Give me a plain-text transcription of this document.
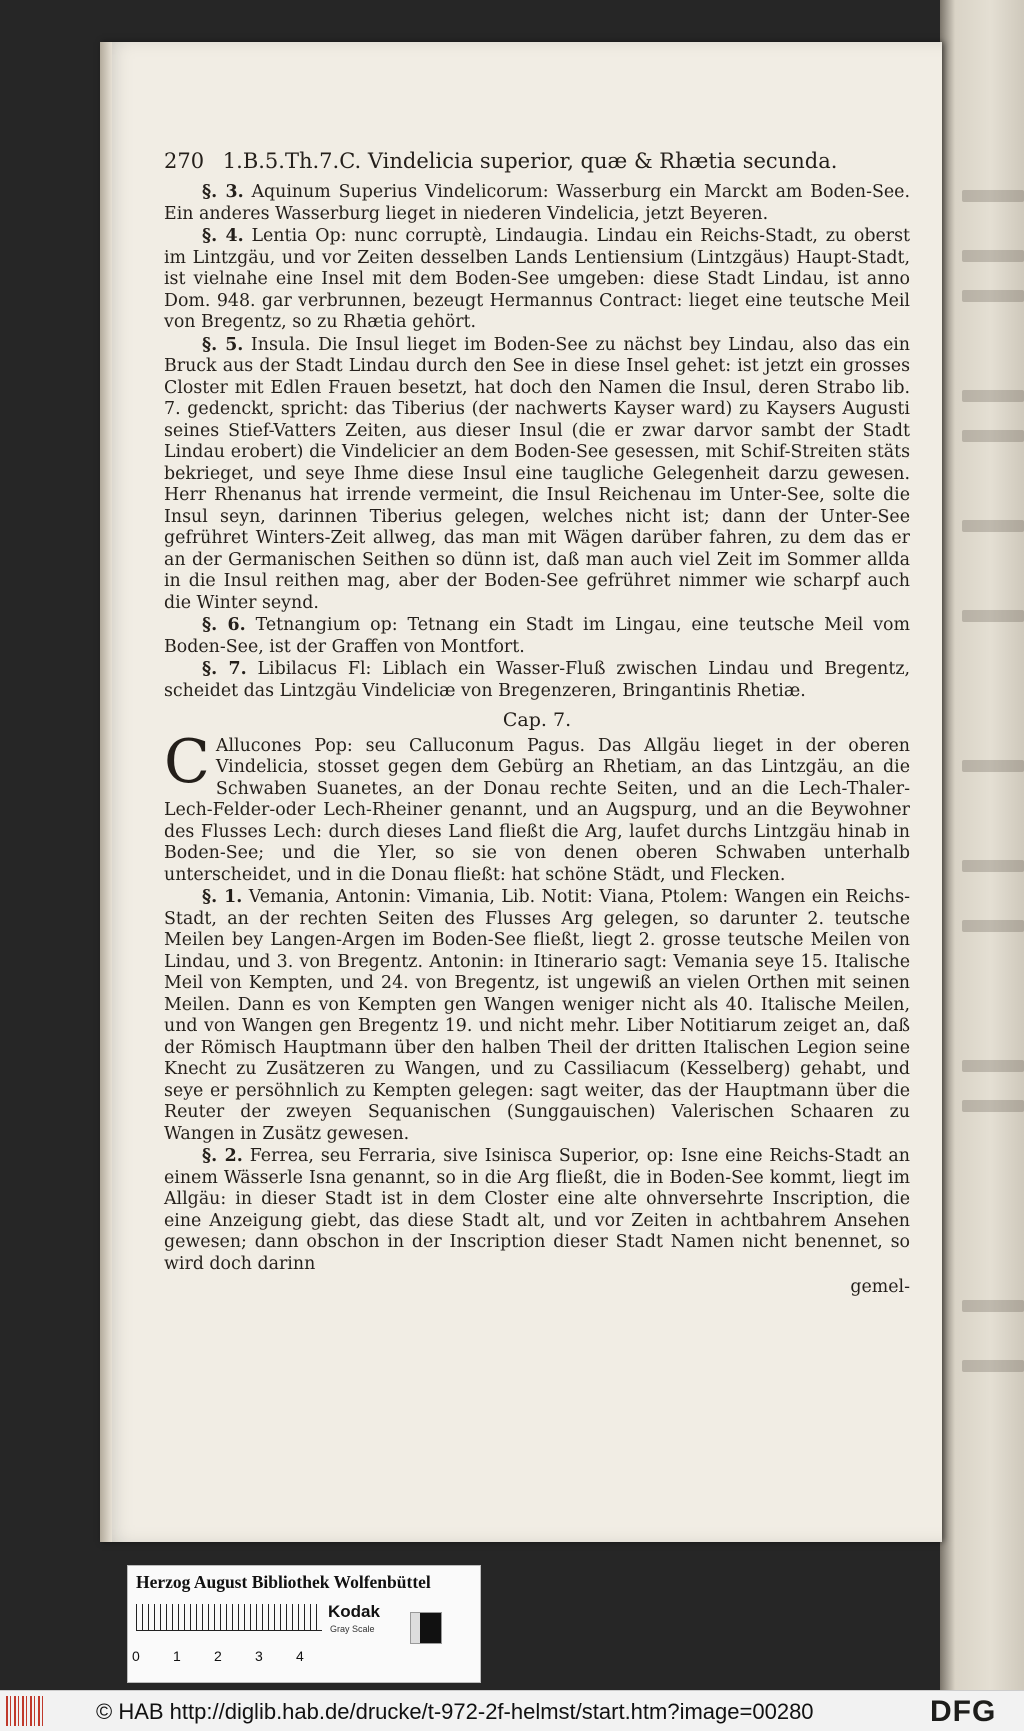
270 1.B.5.Th.7.C. Vindelicia superior, quæ & Rhætia secunda.

§. 3. Aquinum Superius Vindelicorum: Wasserburg ein Marckt am Boden-See. Ein anderes Wasserburg lieget in niederen Vindelicia, jetzt Beyeren.

§. 4. Lentia Op: nunc corruptè, Lindaugia. Lindau ein Reichs-Stadt, zu oberst im Lintzgäu, und vor Zeiten desselben Lands Lentiensium (Lintzgäus) Haupt-Stadt, ist vielnahe eine Insel mit dem Boden-See umgeben: diese Stadt Lindau, ist anno Dom. 948. gar verbrunnen, bezeugt Hermannus Contract: lieget eine teutsche Meil von Bregentz, so zu Rhætia gehört.

§. 5. Insula. Die Insul lieget im Boden-See zu nächst bey Lindau, also das ein Bruck aus der Stadt Lindau durch den See in diese Insel gehet: ist jetzt ein grosses Closter mit Edlen Frauen besetzt, hat doch den Namen die Insul, deren Strabo lib. 7. gedenckt, spricht: das Tiberius (der nachwerts Kayser ward) zu Kaysers Augusti seines Stief-Vatters Zeiten, aus dieser Insul (die er zwar darvor sambt der Stadt Lindau erobert) die Vindelicier an dem Boden-See gesessen, mit Schif-Streiten stäts bekrieget, und seye Ihme diese Insul eine taugliche Gelegenheit darzu gewesen. Herr Rhenanus hat irrende vermeint, die Insul Reichenau im Unter-See, solte die Insul seyn, darinnen Tiberius gelegen, welches nicht ist; dann der Unter-See gefrühret Winters-Zeit allweg, das man mit Wägen darüber fahren, zu dem das er an der Germanischen Seithen so dünn ist, daß man auch viel Zeit im Sommer allda in die Insul reithen mag, aber der Boden-See gefrühret nimmer wie scharpf auch die Winter seynd.

§. 6. Tetnangium op: Tetnang ein Stadt im Lingau, eine teutsche Meil vom Boden-See, ist der Graffen von Montfort.

§. 7. Libilacus Fl: Liblach ein Wasser-Fluß zwischen Lindau und Bregentz, scheidet das Lintzgäu Vindeliciæ von Bregenzeren, Bringantinis Rhetiæ.

Cap. 7.

C Allucones Pop: seu Calluconum Pagus. Das Allgäu lieget in der oberen Vindelicia, stosset gegen dem Gebürg an Rhetiam, an das Lintzgäu, an die Schwaben Suanetes, an der Donau rechte Seiten, und an die Lech-Thaler-Lech-Felder-oder Lech-Rheiner genannt, und an Augspurg, und an die Beywohner des Flusses Lech: durch dieses Land fließt die Arg, laufet durchs Lintzgäu hinab in Boden-See; und die Yler, so sie von denen oberen Schwaben unterhalb unterscheidet, und in die Donau fließt: hat schöne Städt, und Flecken.

§. 1. Vemania, Antonin: Vimania, Lib. Notit: Viana, Ptolem: Wangen ein Reichs-Stadt, an der rechten Seiten des Flusses Arg gelegen, so darunter 2. teutsche Meilen bey Langen-Argen im Boden-See fließt, liegt 2. grosse teutsche Meilen von Lindau, und 3. von Bregentz. Antonin: in Itinerario sagt: Vemania seye 15. Italische Meil von Kempten, und 24. von Bregentz, ist ungewiß an vielen Orthen mit seinen Meilen. Dann es von Kempten gen Wangen weniger nicht als 40. Italische Meilen, und von Wangen gen Bregentz 19. und nicht mehr. Liber Notitiarum zeiget an, daß der Römisch Hauptmann über den halben Theil der dritten Italischen Legion seine Knecht zu Zusätzeren zu Wangen, und zu Cassiliacum (Kesselberg) gehabt, und seye er persöhnlich zu Kempten gelegen: sagt weiter, das der Hauptmann über die Reuter der zweyen Sequanischen (Sunggauischen) Valerischen Schaaren zu Wangen in Zusätz gewesen.

§. 2. Ferrea, seu Ferraria, sive Isinisca Superior, op: Isne eine Reichs-Stadt an einem Wässerle Isna genannt, so in die Arg fließt, die in Boden-See kommt, liegt im Allgäu: in dieser Stadt ist in dem Closter eine alte ohnversehrte Inscription, die eine Anzeigung giebt, das diese Stadt alt, und vor Zeiten in achtbahrem Ansehen gewesen; dann obschon in der Inscription dieser Stadt Namen nicht benennet, so wird doch darinn

gemel-
Herzog August Bibliothek Wolfenbüttel
0 1 2 3 4
Kodak
Gray Scale
© HAB http://diglib.hab.de/drucke/t-972-2f-helmst/start.htm?image=00280	DFG
